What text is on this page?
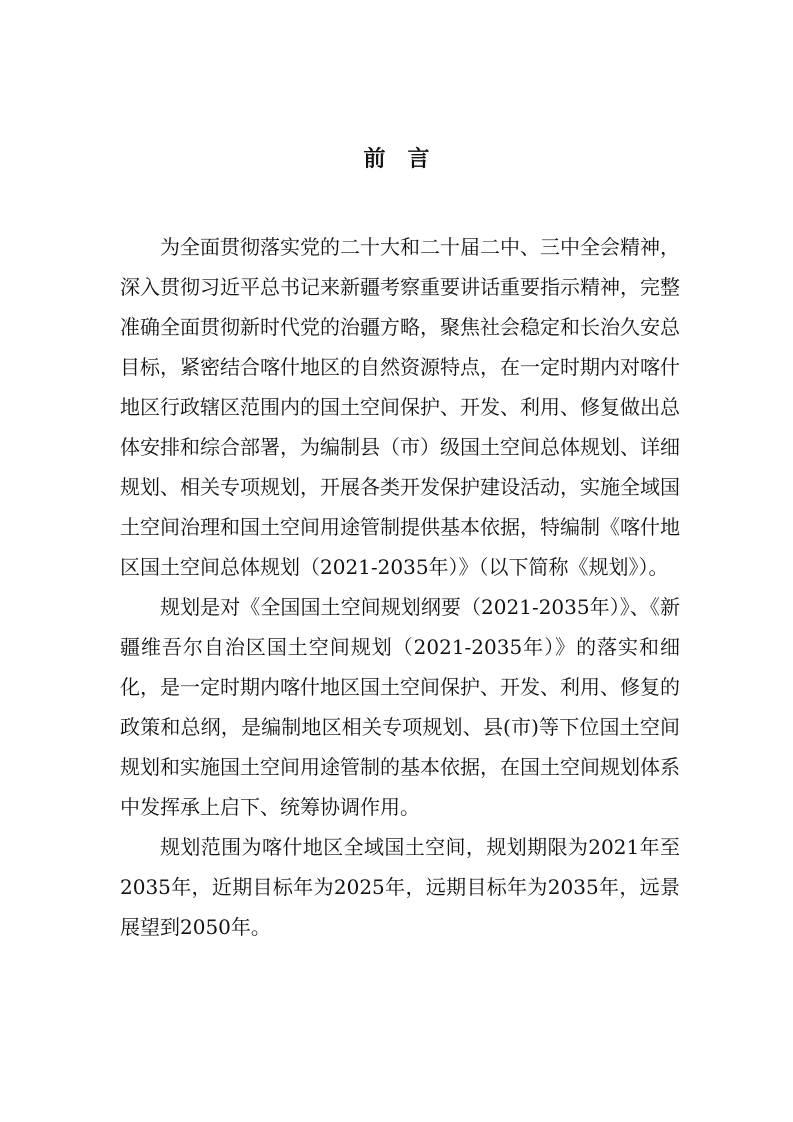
前言

为全面贯彻落实党的二十大和二十届二中、三中全会精神，深入贯彻习近平总书记来新疆考察重要讲话重要指示精神，完整准确全面贯彻新时代党的治疆方略，聚焦社会稳定和长治久安总目标，紧密结合喀什地区的自然资源特点，在一定时期内对喀什地区行政辖区范围内的国土空间保护、开发、利用、修复做出总体安排和综合部署，为编制县（市）级国土空间总体规划、详细规划、相关专项规划，开展各类开发保护建设活动，实施全域国土空间治理和国土空间用途管制提供基本依据，特编制《喀什地区国土空间总体规划（2021-2035年）》（以下简称《规划》）。

规划是对《全国国土空间规划纲要（2021-2035年）》、《新疆维吾尔自治区国土空间规划（2021-2035年）》的落实和细化，是一定时期内喀什地区国土空间保护、开发、利用、修复的政策和总纲，是编制地区相关专项规划、县(市)等下位国土空间规划和实施国土空间用途管制的基本依据，在国土空间规划体系中发挥承上启下、统筹协调作用。

规划范围为喀什地区全域国土空间，规划期限为2021年至2035年，近期目标年为2025年，远期目标年为2035年，远景展望到2050年。
